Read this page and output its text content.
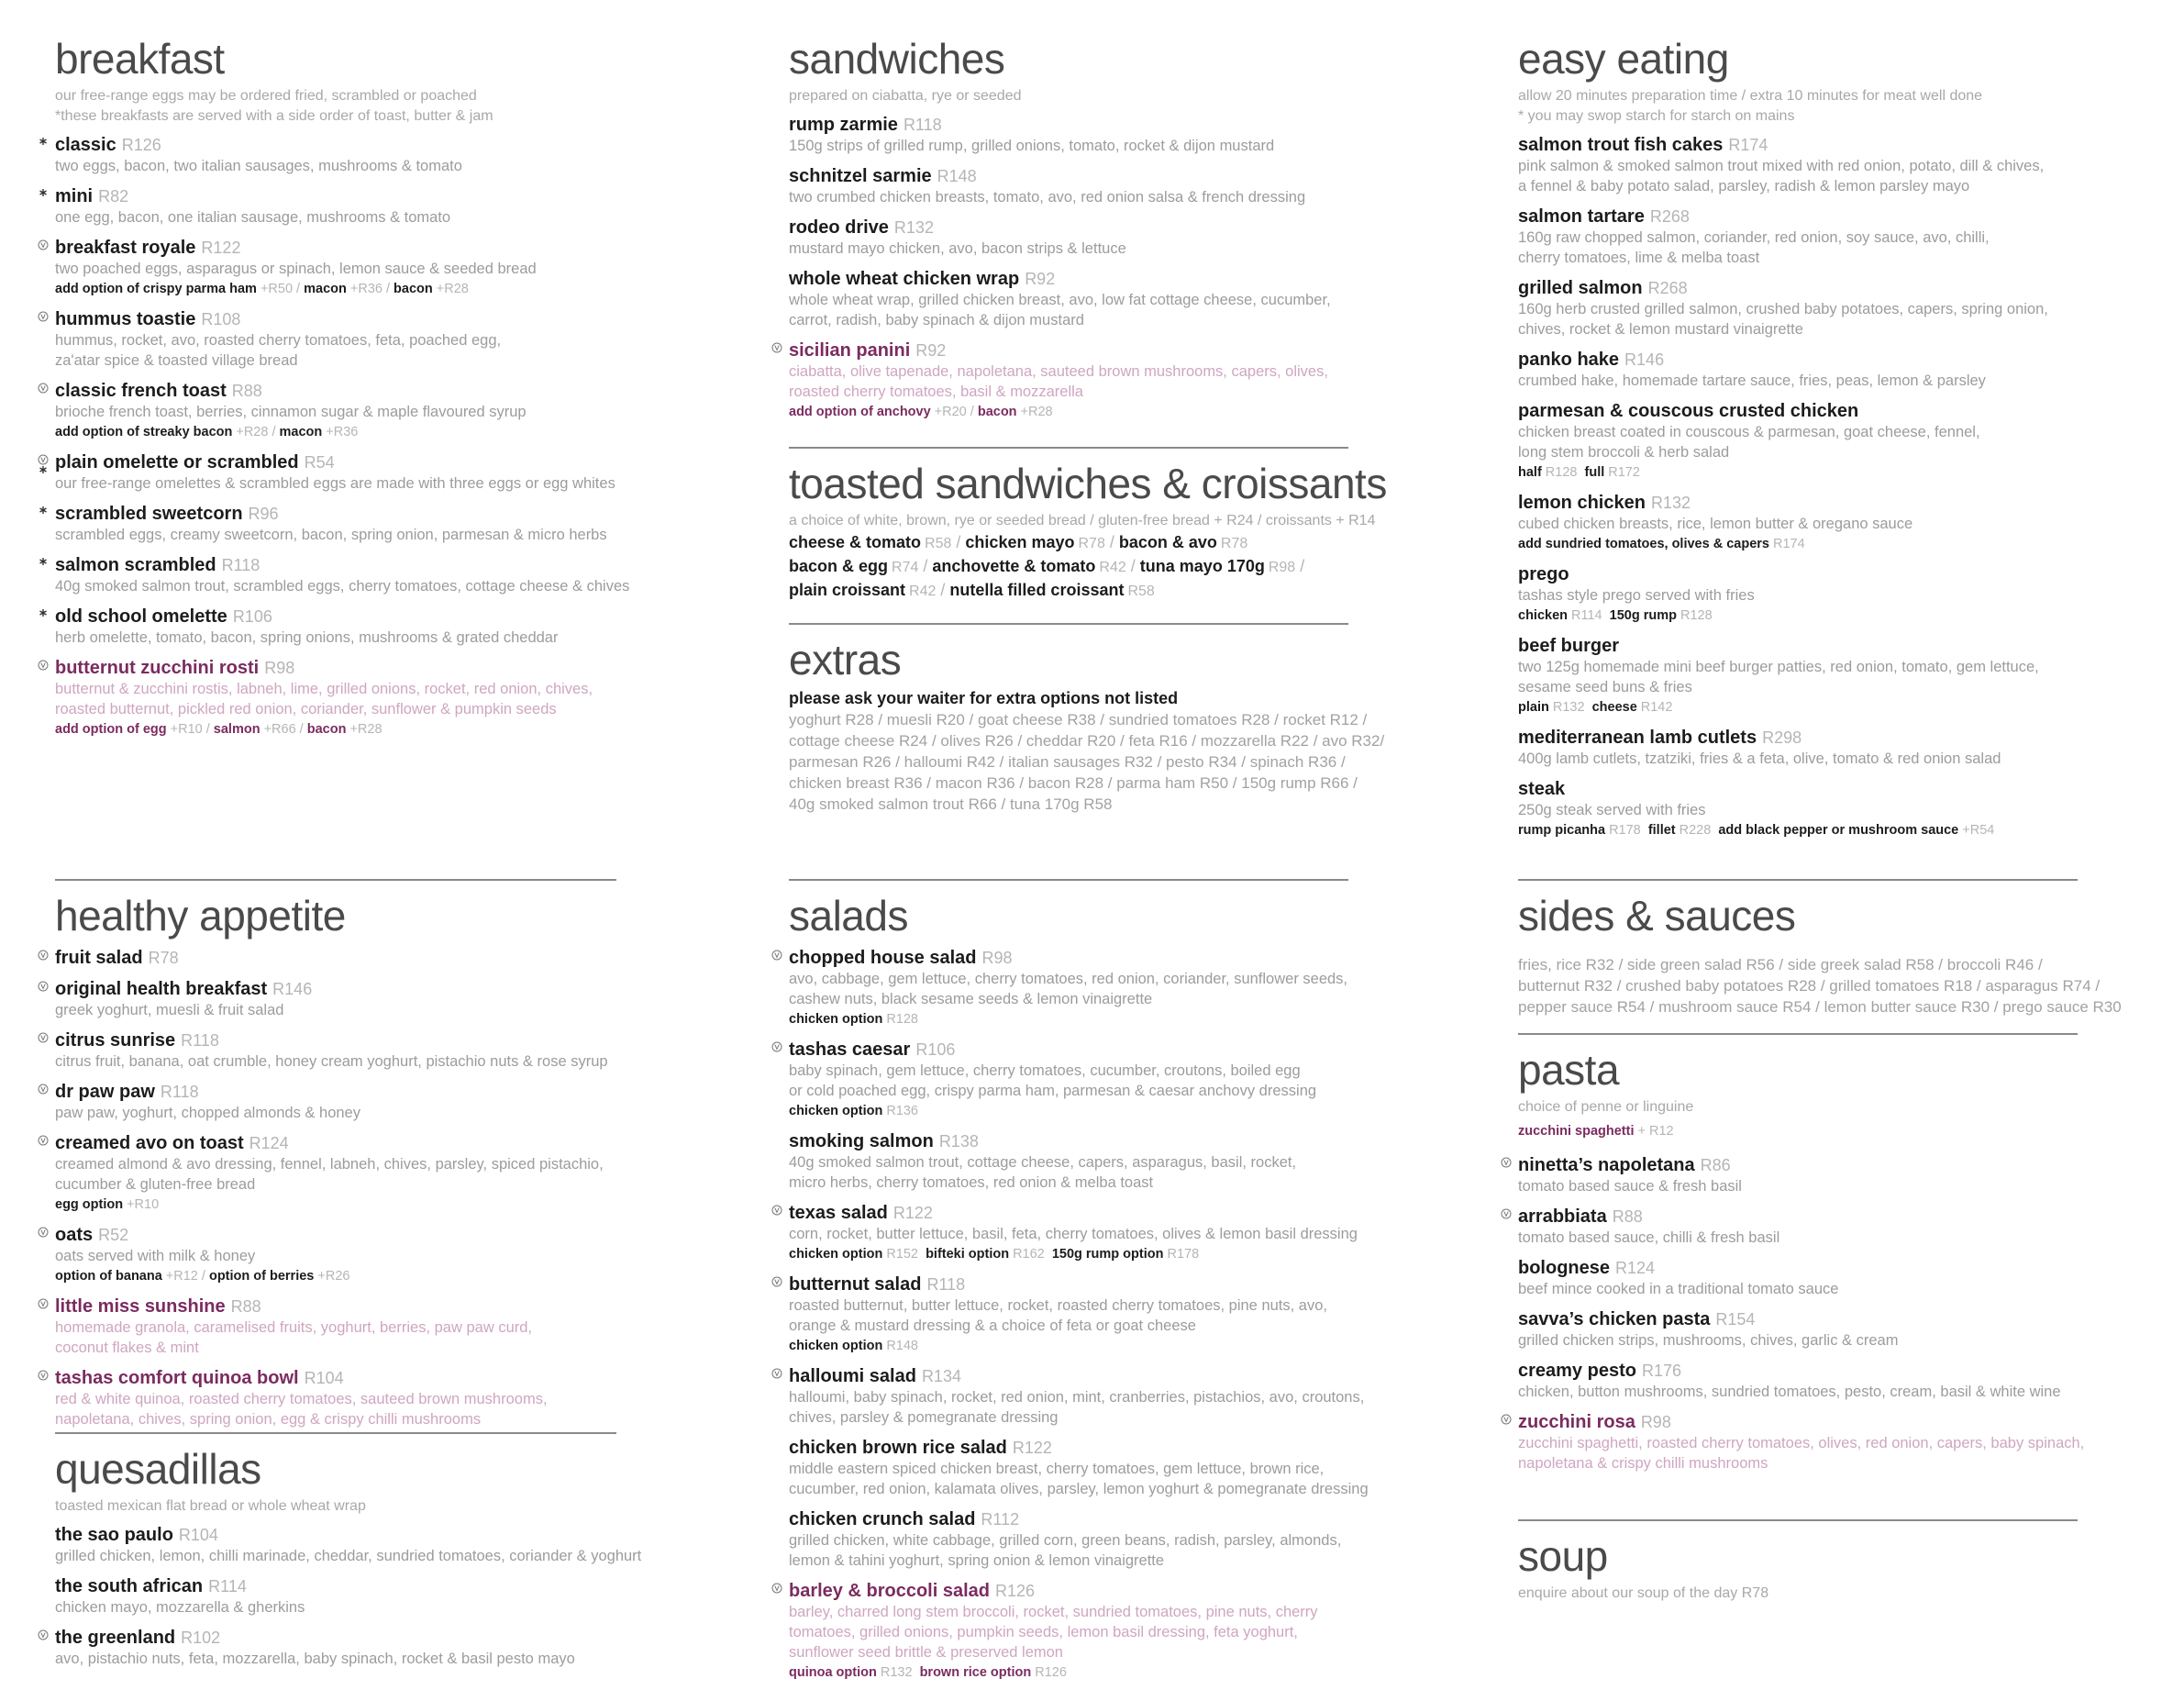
breakfast
our free-range eggs may be ordered fried, scrambled or poached
*these breakfasts are served with a side order of toast, butter & jam
classic R126
two eggs, bacon, two italian sausages, mushrooms & tomato
mini R82
one egg, bacon, one italian sausage, mushrooms & tomato
breakfast royale R122
two poached eggs, asparagus or spinach, lemon sauce & seeded bread
add option of crispy parma ham +R50 / macon +R36 / bacon +R28
hummus toastie R108
hummus, rocket, avo, roasted cherry tomatoes, feta, poached egg,
za'atar spice & toasted village bread
classic french toast R88
brioche french toast, berries, cinnamon sugar & maple flavoured syrup
add option of streaky bacon +R28 / macon +R36
plain omelette or scrambled R54
our free-range omelettes & scrambled eggs are made with three eggs or egg whites
scrambled sweetcorn R96
scrambled eggs, creamy sweetcorn, bacon, spring onion, parmesan & micro herbs
salmon scrambled R118
40g smoked salmon trout, scrambled eggs, cherry tomatoes, cottage cheese & chives
old school omelette R106
herb omelette, tomato, bacon, spring onions, mushrooms & grated cheddar
butternut zucchini rosti R98
butternut & zucchini rostis, labneh, lime, grilled onions, rocket, red onion, chives,
roasted butternut, pickled red onion, coriander, sunflower & pumpkin seeds
add option of egg +R10 / salmon +R66 / bacon +R28
healthy appetite
fruit salad R78
original health breakfast R146
greek yoghurt, muesli & fruit salad
citrus sunrise R118
citrus fruit, banana, oat crumble, honey cream yoghurt, pistachio nuts & rose syrup
dr paw paw R118
paw paw, yoghurt, chopped almonds & honey
creamed avo on toast R124
creamed almond & avo dressing, fennel, labneh, chives, parsley, spiced pistachio,
cucumber & gluten-free bread
egg option +R10
oats R52
oats served with milk & honey
option of banana +R12 / option of berries +R26
little miss sunshine R88
homemade granola, caramelised fruits, yoghurt, berries, paw paw curd,
coconut flakes & mint
tashas comfort quinoa bowl R104
red & white quinoa, roasted cherry tomatoes, sauteed brown mushrooms,
napoletana, chives, spring onion, egg & crispy chilli mushrooms
quesadillas
toasted mexican flat bread or whole wheat wrap
the sao paulo R104
grilled chicken, lemon, chilli marinade, cheddar, sundried tomatoes, coriander & yoghurt
the south african R114
chicken mayo, mozzarella & gherkins
the greenland R102
avo, pistachio nuts, feta, mozzarella, baby spinach, rocket & basil pesto mayo
sandwiches
prepared on ciabatta, rye or seeded
rump zarmie R118
150g strips of grilled rump, grilled onions, tomato, rocket & dijon mustard
schnitzel sarmie R148
two crumbed chicken breasts, tomato, avo, red onion salsa & french dressing
rodeo drive R132
mustard mayo chicken, avo, bacon strips & lettuce
whole wheat chicken wrap R92
whole wheat wrap, grilled chicken breast, avo, low fat cottage cheese, cucumber,
carrot, radish, baby spinach & dijon mustard
sicilian panini R92
ciabatta, olive tapenade, napoletana, sauteed brown mushrooms, capers, olives,
roasted cherry tomatoes, basil & mozzarella
add option of anchovy +R20 / bacon +R28
toasted sandwiches & croissants
a choice of white, brown, rye or seeded bread / gluten-free bread + R24 / croissants + R14
cheese & tomato R58 / chicken mayo R78 / bacon & avo R78
bacon & egg R74 / anchovette & tomato R42 / tuna mayo 170g R98 /
plain croissant R42 / nutella filled croissant R58
extras
please ask your waiter for extra options not listed
yoghurt R28 / muesli R20 / goat cheese R38 / sundried tomatoes R28 / rocket R12 /
cottage cheese R24 / olives R26 / cheddar R20 / feta R16 / mozzarella R22 / avo R32/
parmesan R26 / halloumi R42 / italian sausages R32 / pesto R34 / spinach R36 /
chicken breast R36 / macon R36 / bacon R28 / parma ham R50 / 150g rump R66 /
40g smoked salmon trout R66 / tuna 170g R58
salads
chopped house salad R98
avo, cabbage, gem lettuce, cherry tomatoes, red onion, coriander, sunflower seeds,
cashew nuts, black sesame seeds & lemon vinaigrette
chicken option R128
tashas caesar R106
baby spinach, gem lettuce, cherry tomatoes, cucumber, croutons, boiled egg
or cold poached egg, crispy parma ham, parmesan & caesar anchovy dressing
chicken option R136
smoking salmon R138
40g smoked salmon trout, cottage cheese, capers, asparagus, basil, rocket,
micro herbs, cherry tomatoes, red onion & melba toast
texas salad R122
corn, rocket, butter lettuce, basil, feta, cherry tomatoes, olives & lemon basil dressing
chicken option R152 bifteki option R162 150g rump option R178
butternut salad R118
roasted butternut, butter lettuce, rocket, roasted cherry tomatoes, pine nuts, avo,
orange & mustard dressing & a choice of feta or goat cheese
chicken option R148
halloumi salad R134
halloumi, baby spinach, rocket, red onion, mint, cranberries, pistachios, avo, croutons,
chives, parsley & pomegranate dressing
chicken brown rice salad R122
middle eastern spiced chicken breast, cherry tomatoes, gem lettuce, brown rice,
cucumber, red onion, kalamata olives, parsley, lemon yoghurt & pomegranate dressing
chicken crunch salad R112
grilled chicken, white cabbage, grilled corn, green beans, radish, parsley, almonds,
lemon & tahini yoghurt, spring onion & lemon vinaigrette
barley & broccoli salad R126
barley, charred long stem broccoli, rocket, sundried tomatoes, pine nuts, cherry
tomatoes, grilled onions, pumpkin seeds, lemon basil dressing, feta yoghurt,
sunflower seed brittle & preserved lemon
quinoa option R132 brown rice option R126
easy eating
allow 20 minutes preparation time / extra 10 minutes for meat well done
* you may swop starch for starch on mains
salmon trout fish cakes R174
pink salmon & smoked salmon trout mixed with red onion, potato, dill & chives,
a fennel & baby potato salad, parsley, radish & lemon parsley mayo
salmon tartare R268
160g raw chopped salmon, coriander, red onion, soy sauce, avo, chilli,
cherry tomatoes, lime & melba toast
grilled salmon R268
160g herb crusted grilled salmon, crushed baby potatoes, capers, spring onion,
chives, rocket & lemon mustard vinaigrette
panko hake R146
crumbed hake, homemade tartare sauce, fries, peas, lemon & parsley
parmesan & couscous crusted chicken
chicken breast coated in couscous & parmesan, goat cheese, fennel,
long stem broccoli & herb salad
half R128 full R172
lemon chicken R132
cubed chicken breasts, rice, lemon butter & oregano sauce
add sundried tomatoes, olives & capers R174
prego
tashas style prego served with fries
chicken R114 150g rump R128
beef burger
two 125g homemade mini beef burger patties, red onion, tomato, gem lettuce,
sesame seed buns & fries
plain R132 cheese R142
mediterranean lamb cutlets R298
400g lamb cutlets, tzatziki, fries & a feta, olive, tomato & red onion salad
steak
250g steak served with fries
rump picanha R178 fillet R228 add black pepper or mushroom sauce +R54
sides & sauces
fries, rice R32 / side green salad R56 / side greek salad R58 / broccoli R46 /
butternut R32 / crushed baby potatoes R28 / grilled tomatoes R18 / asparagus R74 /
pepper sauce R54 / mushroom sauce R54 / lemon butter sauce R30 / prego sauce R30
pasta
choice of penne or linguine
zucchini spaghetti + R12
ninetta’s napoletana R86
tomato based sauce & fresh basil
arrabbiata R88
tomato based sauce, chilli & fresh basil
bolognese R124
beef mince cooked in a traditional tomato sauce
savva’s chicken pasta R154
grilled chicken strips, mushrooms, chives, garlic & cream
creamy pesto R176
chicken, button mushrooms, sundried tomatoes, pesto, cream, basil & white wine
zucchini rosa R98
zucchini spaghetti, roasted cherry tomatoes, olives, red onion, capers, baby spinach,
napoletana & crispy chilli mushrooms
soup
enquire about our soup of the day R78
